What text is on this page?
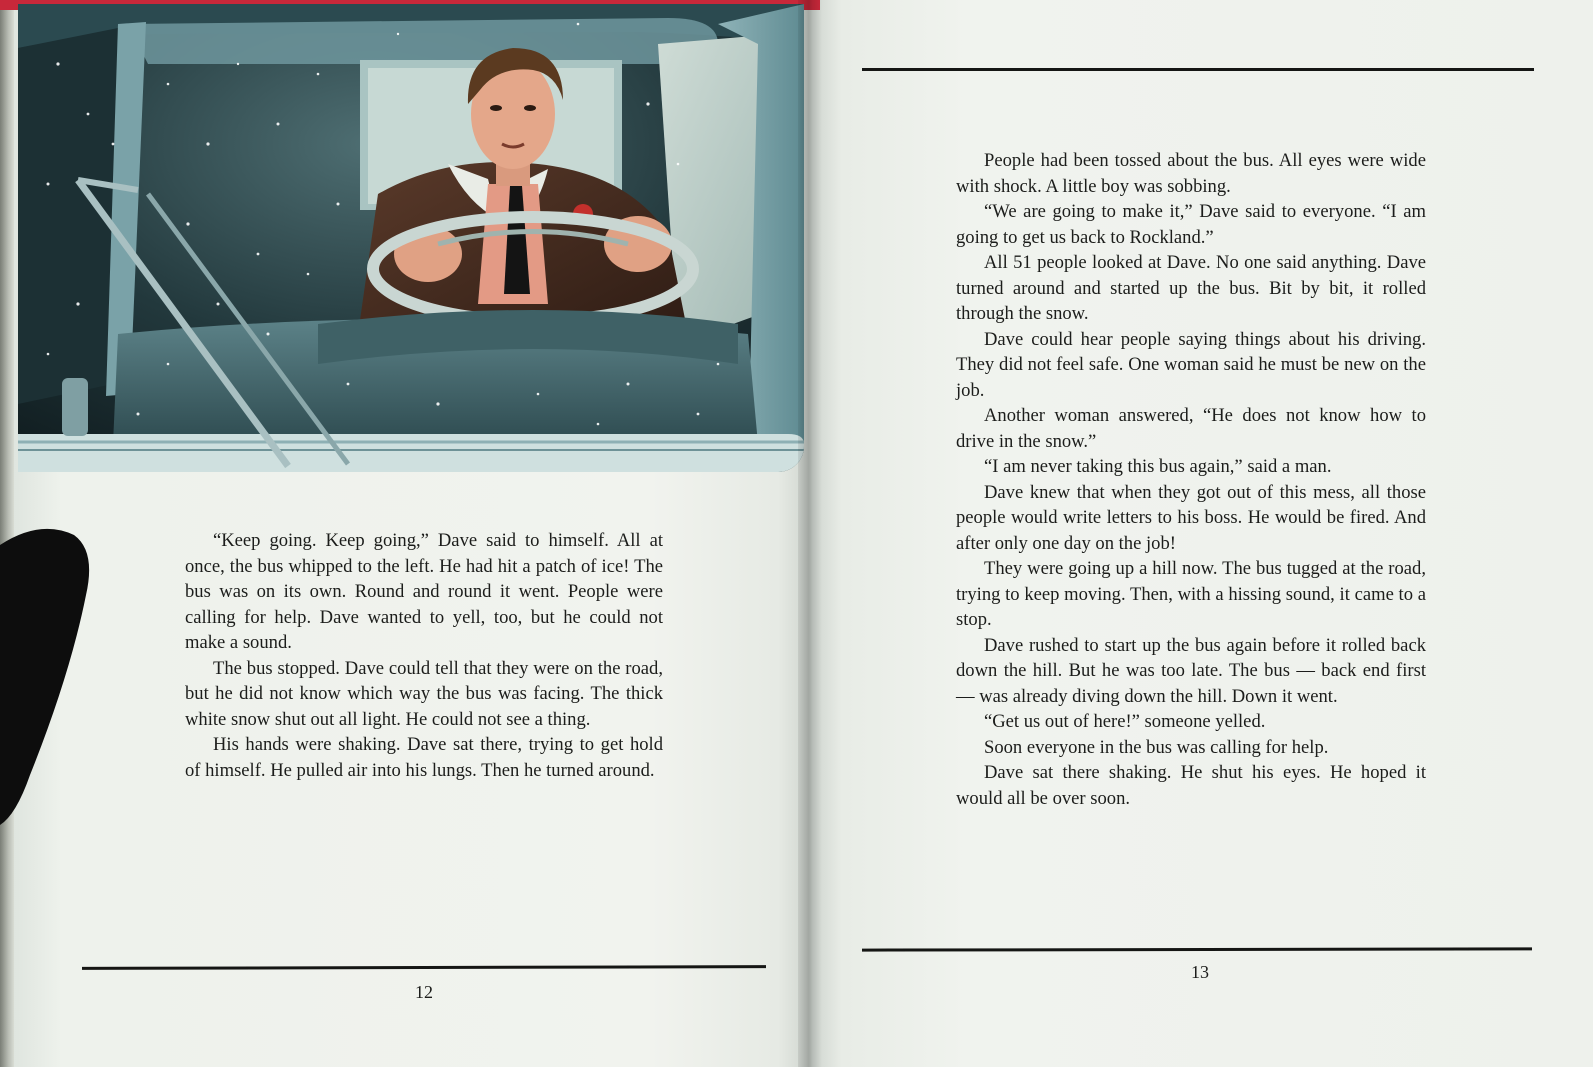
“Keep going. Keep going,” Dave said to himself. All at once, the bus whipped to the left. He had hit a patch of ice! The bus was on its own. Round and round it went. People were calling for help. Dave wanted to yell, too, but he could not make a sound.

The bus stopped. Dave could tell that they were on the road, but he did not know which way the bus was facing. The thick white snow shut out all light. He could not see a thing.

His hands were shaking. Dave sat there, trying to get hold of himself. He pulled air into his lungs. Then he turned around.

12

People had been tossed about the bus. All eyes were wide with shock. A little boy was sobbing.

“We are going to make it,” Dave said to everyone. “I am going to get us back to Rockland.”

All 51 people looked at Dave. No one said anything. Dave turned around and started up the bus. Bit by bit, it rolled through the snow.

Dave could hear people saying things about his driving. They did not feel safe. One woman said he must be new on the job.

Another woman answered, “He does not know how to drive in the snow.”

“I am never taking this bus again,” said a man.

Dave knew that when they got out of this mess, all those people would write letters to his boss. He would be fired. And after only one day on the job!

They were going up a hill now. The bus tugged at the road, trying to keep moving. Then, with a hissing sound, it came to a stop.

Dave rushed to start up the bus again before it rolled back down the hill. But he was too late. The bus — back end first — was already diving down the hill. Down it went.

“Get us out of here!” someone yelled.

Soon everyone in the bus was calling for help.

Dave sat there shaking. He shut his eyes. He hoped it would all be over soon.

13
